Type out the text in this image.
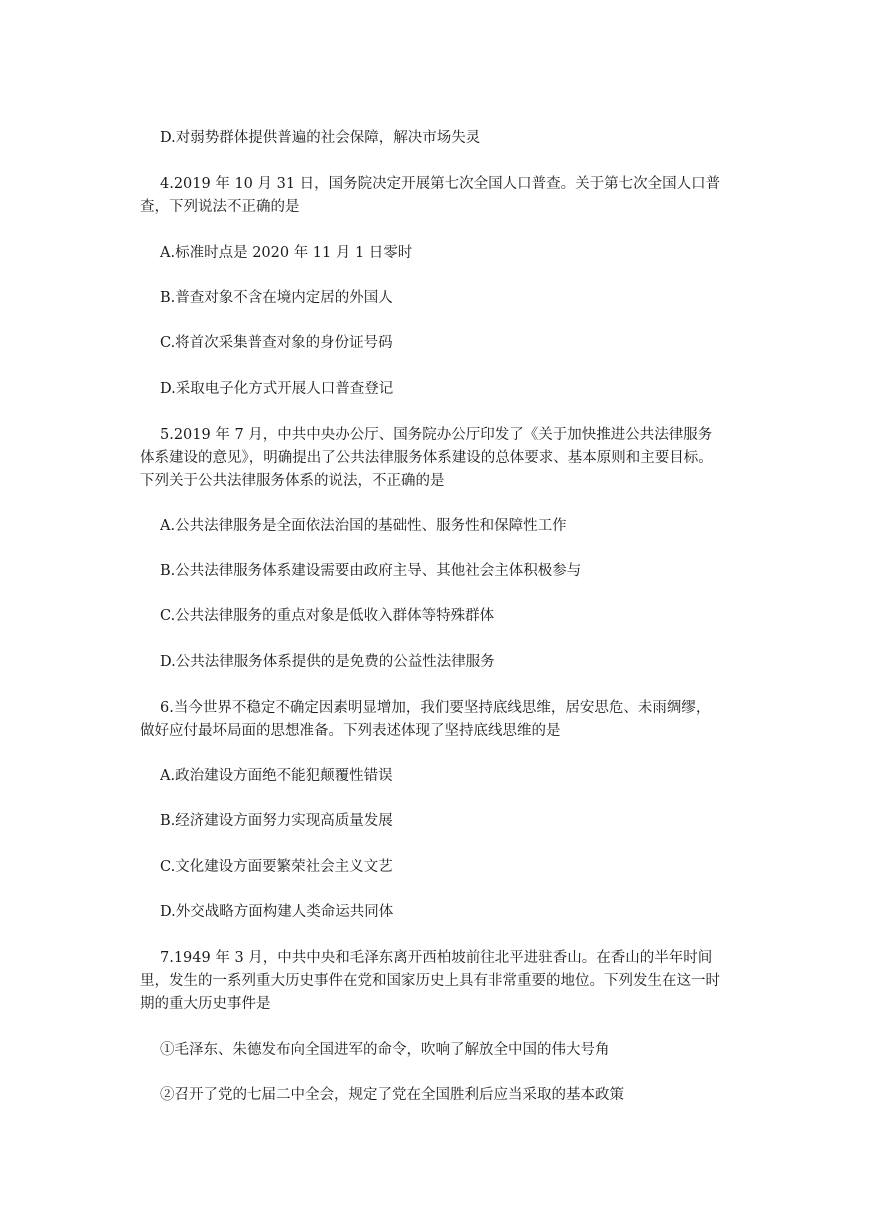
D.对弱势群体提供普遍的社会保障，解决市场失灵
4.2019 年 10 月 31 日，国务院决定开展第七次全国人口普查。关于第七次全国人口普
查，下列说法不正确的是
A.标准时点是 2020 年 11 月 1 日零时
B.普查对象不含在境内定居的外国人
C.将首次采集普查对象的身份证号码
D.采取电子化方式开展人口普查登记
5.2019 年 7 月，中共中央办公厅、国务院办公厅印发了《关于加快推进公共法律服务
体系建设的意见》，明确提出了公共法律服务体系建设的总体要求、基本原则和主要目标。
下列关于公共法律服务体系的说法，不正确的是
A.公共法律服务是全面依法治国的基础性、服务性和保障性工作
B.公共法律服务体系建设需要由政府主导、其他社会主体积极参与
C.公共法律服务的重点对象是低收入群体等特殊群体
D.公共法律服务体系提供的是免费的公益性法律服务
6.当今世界不稳定不确定因素明显增加，我们要坚持底线思维，居安思危、未雨绸缪，
做好应付最坏局面的思想准备。下列表述体现了坚持底线思维的是
A.政治建设方面绝不能犯颠覆性错误
B.经济建设方面努力实现高质量发展
C.文化建设方面要繁荣社会主义文艺
D.外交战略方面构建人类命运共同体
7.1949 年 3 月，中共中央和毛泽东离开西柏坡前往北平进驻香山。在香山的半年时间
里，发生的一系列重大历史事件在党和国家历史上具有非常重要的地位。下列发生在这一时
期的重大历史事件是
①毛泽东、朱德发布向全国进军的命令，吹响了解放全中国的伟大号角
②召开了党的七届二中全会，规定了党在全国胜利后应当采取的基本政策
